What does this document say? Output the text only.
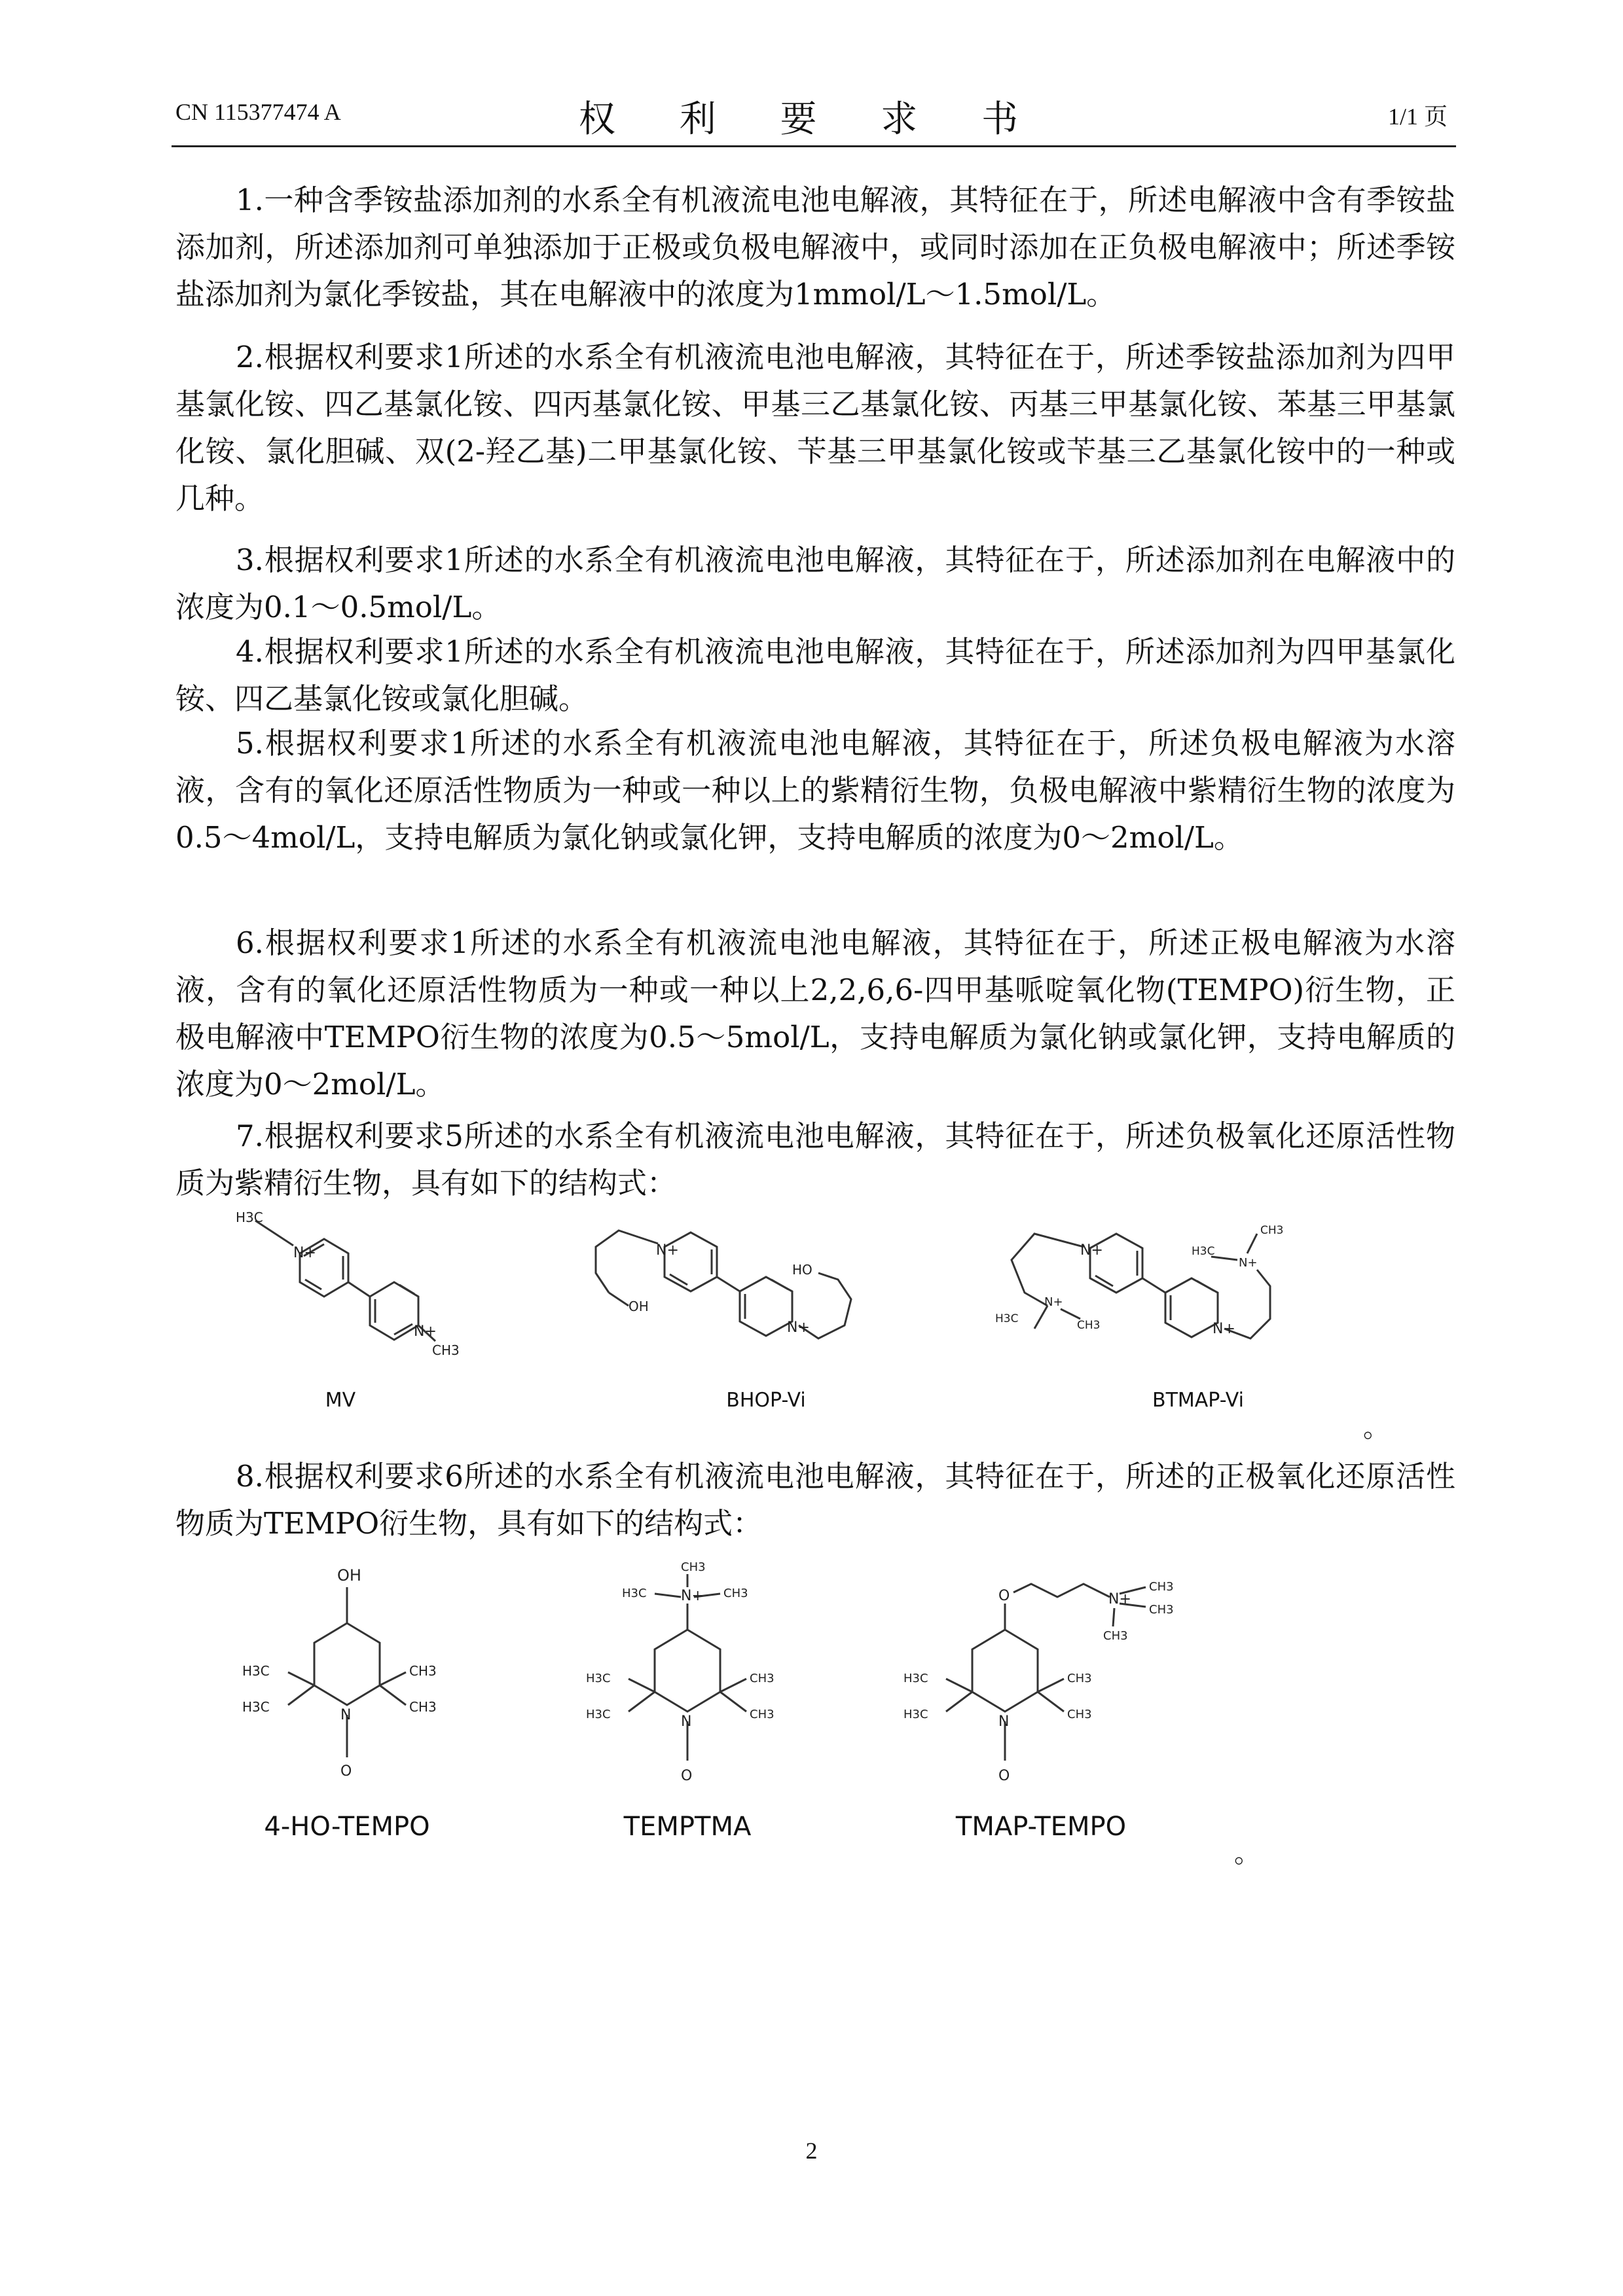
CN 115377474 A	权 利 要 求 书	1/1 页

1.一种含季铵盐添加剂的水系全有机液流电池电解液，其特征在于，所述电解液中含有季铵盐添加剂，所述添加剂可单独添加于正极或负极电解液中，或同时添加在正负极电解液中；所述季铵盐添加剂为氯化季铵盐，其在电解液中的浓度为1mmol/L～1.5mol/L。

2.根据权利要求1所述的水系全有机液流电池电解液，其特征在于，所述季铵盐添加剂为四甲基氯化铵、四乙基氯化铵、四丙基氯化铵、甲基三乙基氯化铵、丙基三甲基氯化铵、苯基三甲基氯化铵、氯化胆碱、双(2-羟乙基)二甲基氯化铵、苄基三甲基氯化铵或苄基三乙基氯化铵中的一种或几种。

3.根据权利要求1所述的水系全有机液流电池电解液，其特征在于，所述添加剂在电解液中的浓度为0.1～0.5mol/L。

4.根据权利要求1所述的水系全有机液流电池电解液，其特征在于，所述添加剂为四甲基氯化铵、四乙基氯化铵或氯化胆碱。

5.根据权利要求1所述的水系全有机液流电池电解液，其特征在于，所述负极电解液为水溶液，含有的氧化还原活性物质为一种或一种以上的紫精衍生物，负极电解液中紫精衍生物的浓度为0.5～4mol/L，支持电解质为氯化钠或氯化钾，支持电解质的浓度为0～2mol/L。

6.根据权利要求1所述的水系全有机液流电池电解液，其特征在于，所述正极电解液为水溶液，含有的氧化还原活性物质为一种或一种以上2,2,6,6-四甲基哌啶氧化物(TEMPO)衍生物，正极电解液中TEMPO衍生物的浓度为0.5～5mol/L，支持电解质为氯化钠或氯化钾，支持电解质的浓度为0～2mol/L。

7.根据权利要求5所述的水系全有机液流电池电解液，其特征在于，所述负极氧化还原活性物质为紫精衍生物，具有如下的结构式：

H3C
N+
N+
CH3
MV
OH
N+
N+
HO
BHOP-Vi
N+
H3C	CH3
N+
N+
N+
H3C
CH3
BTMAP-Vi
。

8.根据权利要求6所述的水系全有机液流电池电解液，其特征在于，所述的正极氧化还原活性物质为TEMPO衍生物，具有如下的结构式：

OH
N
O
H3C
H3C
CH3
CH3
4-HO-TEMPO
CH3
N+
H3C	CH3
N
O
H3C
H3C
CH3
CH3
TEMPTMA
O	N+
CH3
CH3
CH3
N
O
H3C
H3C
CH3
CH3
TMAP-TEMPO
。
2
